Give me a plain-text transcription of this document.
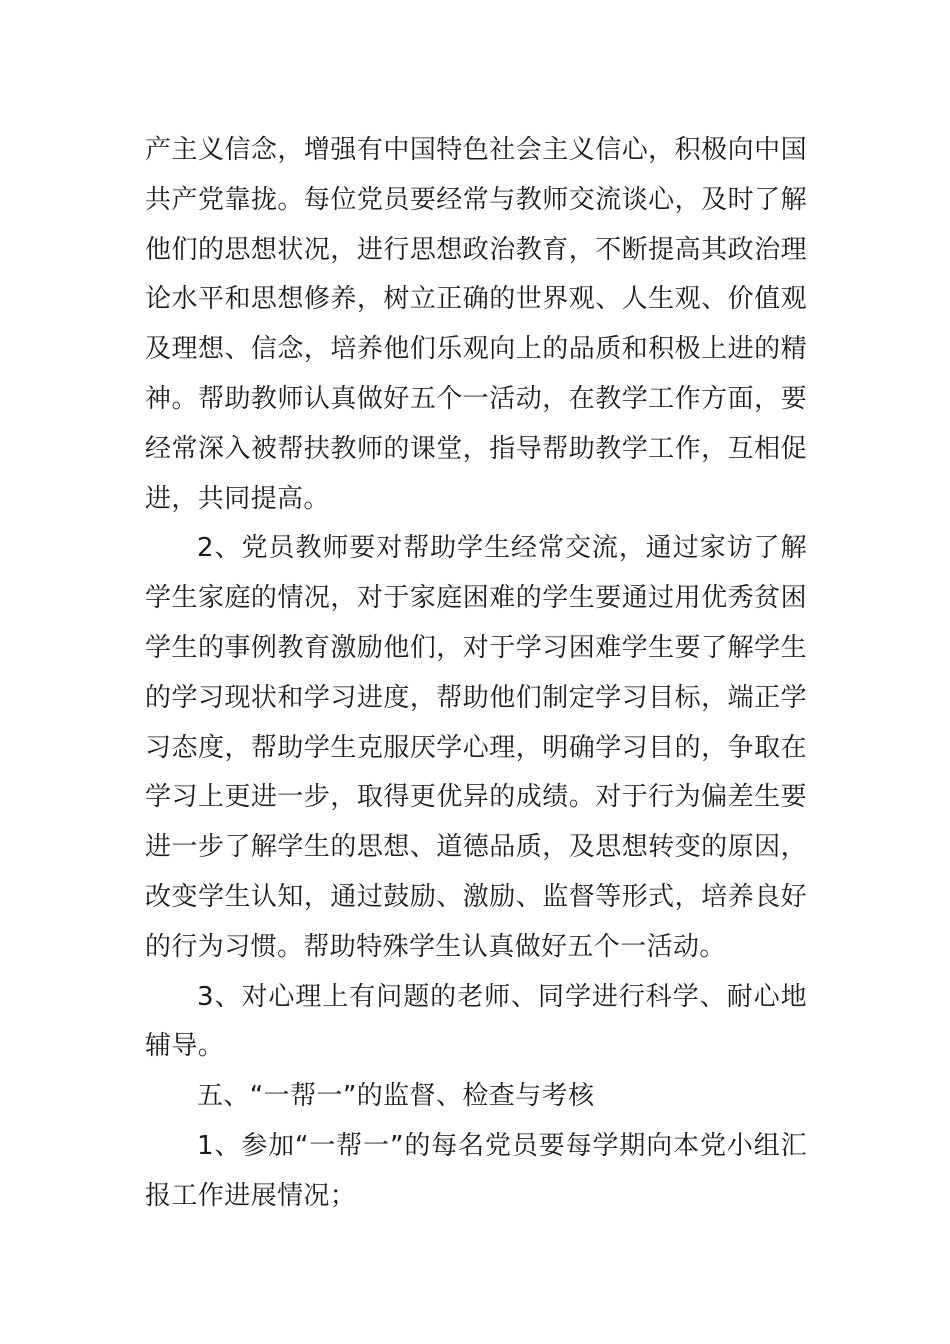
产主义信念，增强有中国特色社会主义信心，积极向中国共产党靠拢。每位党员要经常与教师交流谈心，及时了解他们的思想状况，进行思想政治教育，不断提高其政治理论水平和思想修养，树立正确的世界观、人生观、价值观及理想、信念，培养他们乐观向上的品质和积极上进的精神。帮助教师认真做好五个一活动，在教学工作方面，要经常深入被帮扶教师的课堂，指导帮助教学工作，互相促进，共同提高。

2、党员教师要对帮助学生经常交流，通过家访了解学生家庭的情况，对于家庭困难的学生要通过用优秀贫困学生的事例教育激励他们，对于学习困难学生要了解学生的学习现状和学习进度，帮助他们制定学习目标，端正学习态度，帮助学生克服厌学心理，明确学习目的，争取在学习上更进一步，取得更优异的成绩。对于行为偏差生要进一步了解学生的思想、道德品质，及思想转变的原因，改变学生认知，通过鼓励、激励、监督等形式，培养良好的行为习惯。帮助特殊学生认真做好五个一活动。

3、对心理上有问题的老师、同学进行科学、耐心地辅导。

五、“一帮一”的监督、检查与考核

1、参加“一帮一”的每名党员要每学期向本党小组汇报工作进展情况；
